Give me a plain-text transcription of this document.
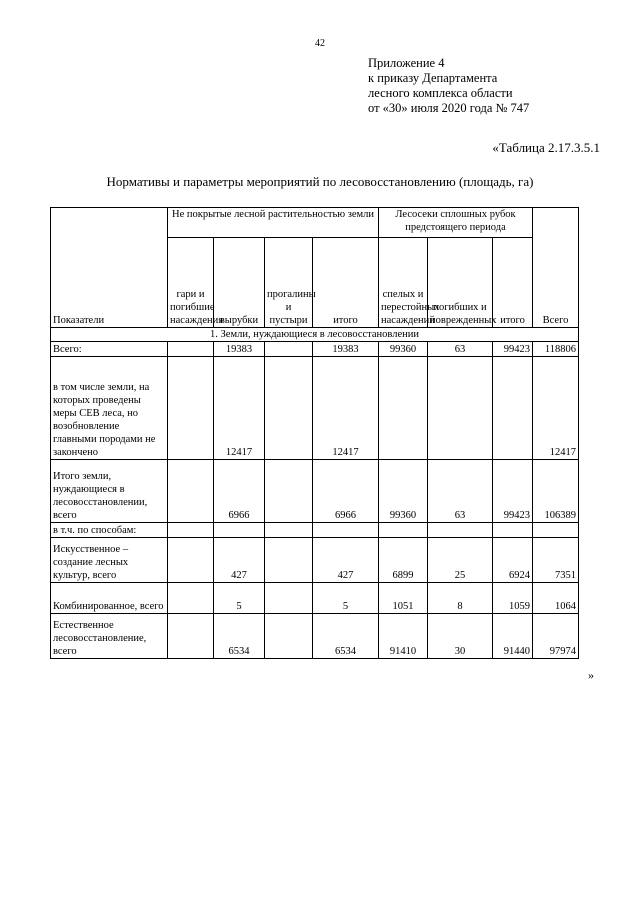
42
Приложение 4
к приказу Департамента
лесного комплекса области
от «30» июля 2020 года № 747
«Таблица 2.17.3.5.1
Нормативы и параметры мероприятий по лесовосстановлению (площадь, га)
Показатели	Не покрытые лесной растительностью земли				Лесосеки сплошных рубок предстоящего периода			Всего
	гари и погибшие насаждения	вырубки	прогалины и пустыри	итого	спелых и перестойных насаждений	погибших и поврежденных	итого	
1. Земли, нуждающиеся в лесовосстановлении								
Всего:		19383		19383	99360	63	99423	118806
в том числе земли, на которых проведены меры СЕВ леса, но возобновление главными породами не закончено		12417		12417				12417
Итого земли, нуждающиеся в лесовосстановлении, всего		6966		6966	99360	63	99423	106389
в т.ч. по способам:								
Искусственное – создание лесных культур, всего		427		427	6899	25	6924	7351
Комбинированное, всего		5		5	1051	8	1059	1064
Естественное лесовосстановление, всего		6534		6534	91410	30	91440	97974
»
